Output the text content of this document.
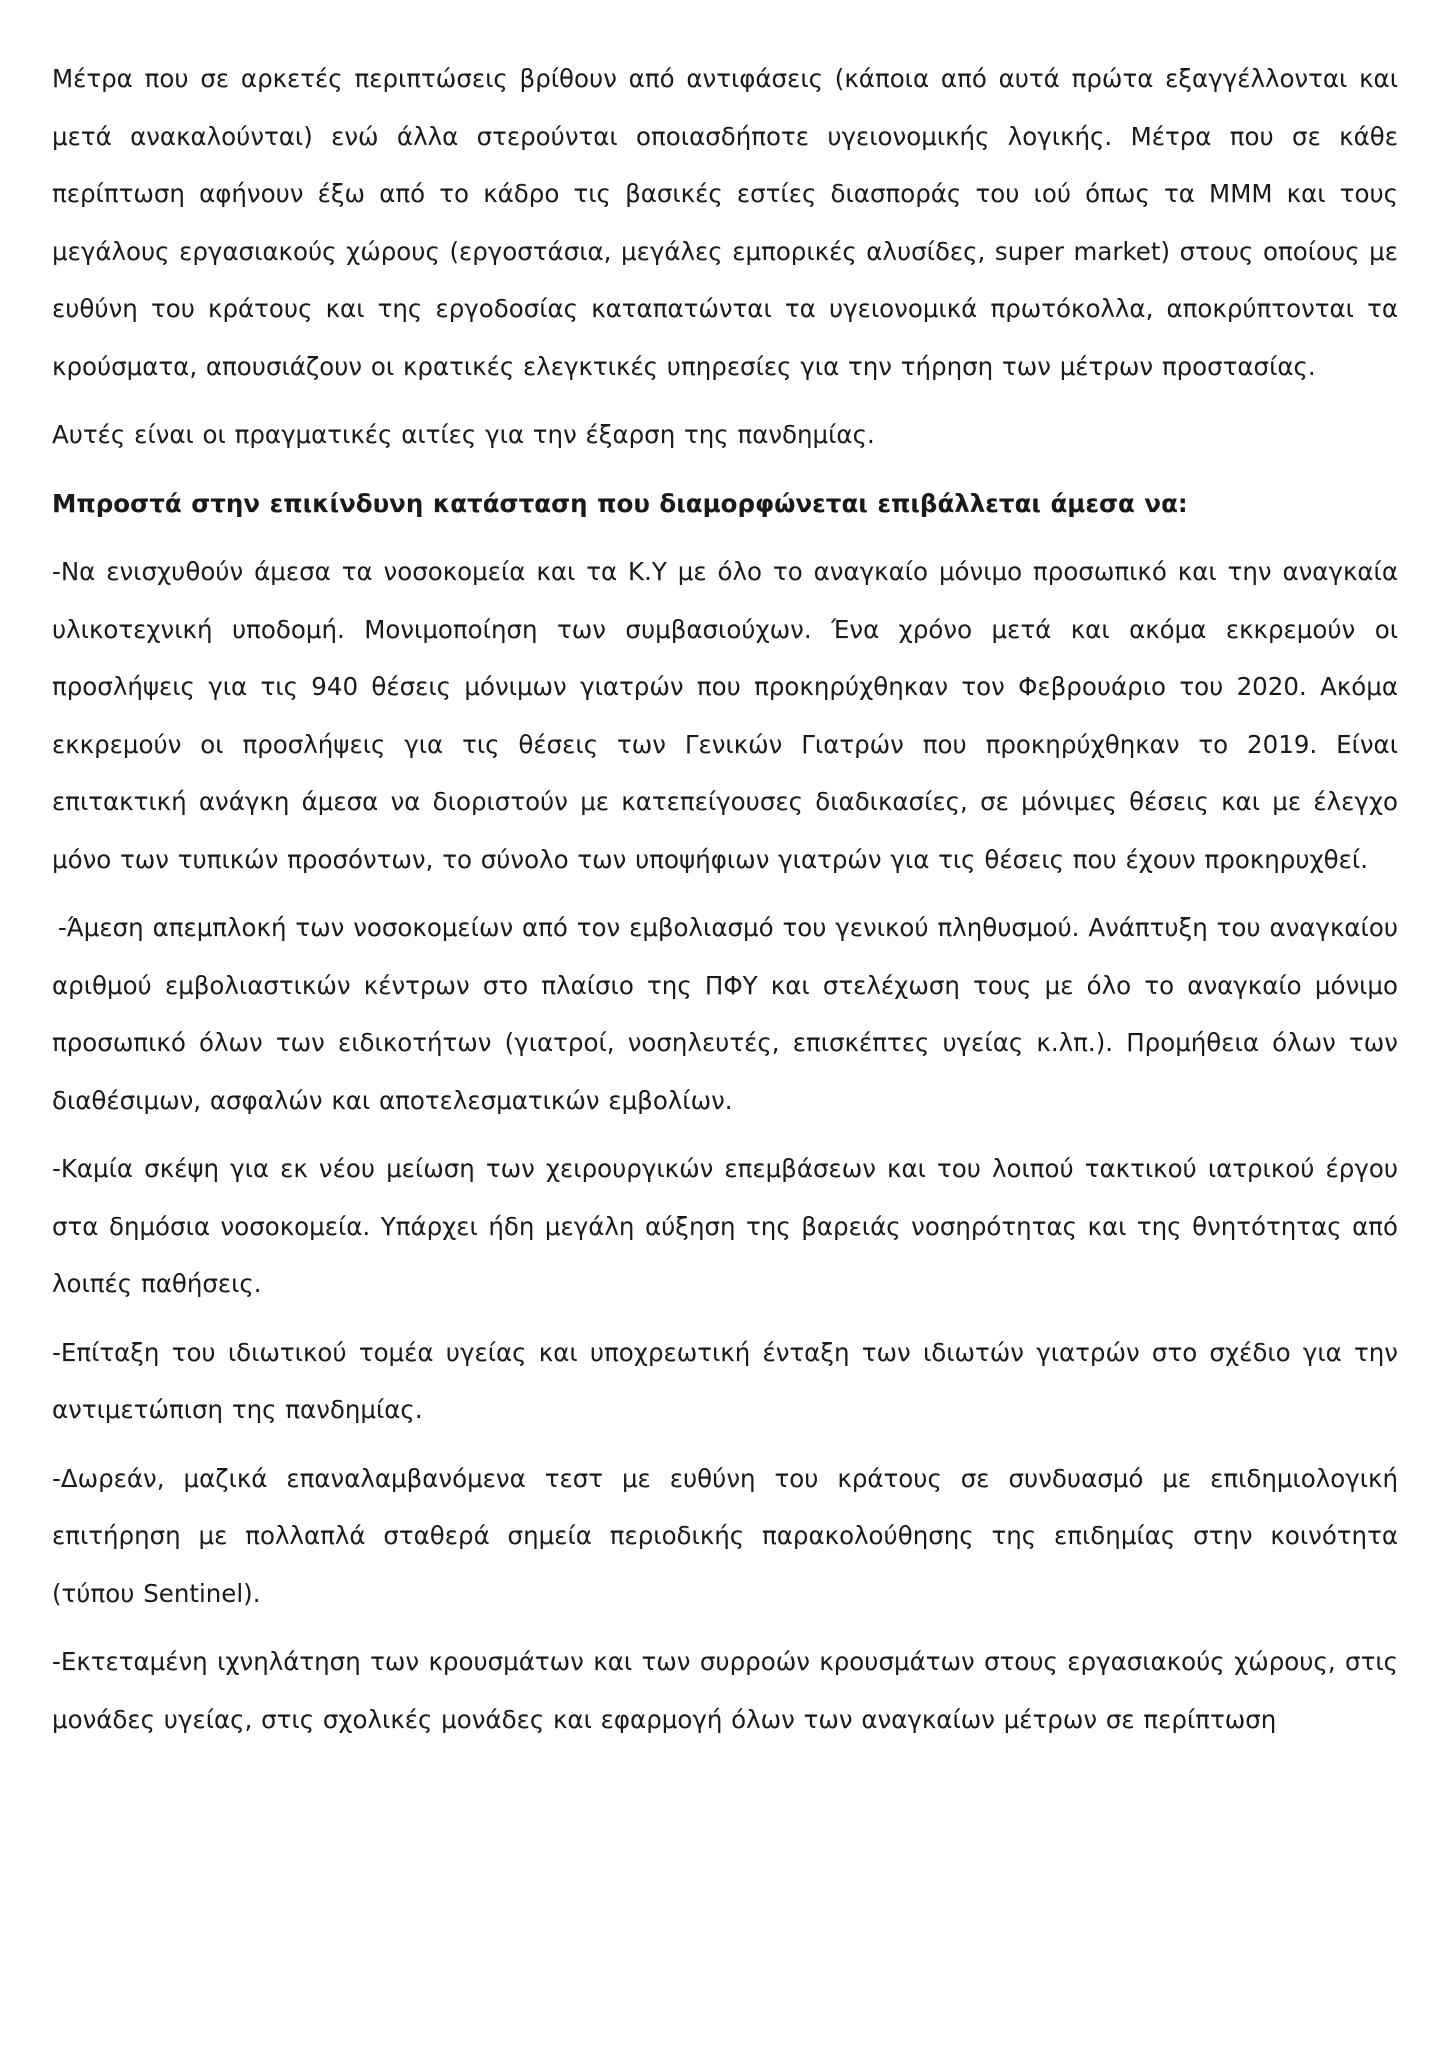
Μέτρα που σε αρκετές περιπτώσεις βρίθουν από αντιφάσεις (κάποια από αυτά πρώτα εξαγγέλλονται και μετά ανακαλούνται) ενώ άλλα στερούνται οποιασδήποτε υγειονομικής λογικής. Μέτρα που σε κάθε περίπτωση αφήνουν έξω από το κάδρο τις βασικές εστίες διασποράς του ιού όπως τα ΜΜΜ και τους μεγάλους εργασιακούς χώρους (εργοστάσια, μεγάλες εμπορικές αλυσίδες, super market) στους οποίους με ευθύνη του κράτους και της εργοδοσίας καταπατώνται τα υγειονομικά πρωτόκολλα, αποκρύπτονται τα κρούσματα, απουσιάζουν οι κρατικές ελεγκτικές υπηρεσίες για την τήρηση των μέτρων προστασίας.

Αυτές είναι οι πραγματικές αιτίες για την έξαρση της πανδημίας.

Μπροστά στην επικίνδυνη κατάσταση που διαμορφώνεται επιβάλλεται άμεσα να:

-Να ενισχυθούν άμεσα τα νοσοκομεία και τα Κ.Υ με όλο το αναγκαίο μόνιμο προσωπικό και την αναγκαία υλικοτεχνική υποδομή. Μονιμοποίηση των συμβασιούχων. Ένα χρόνο μετά και ακόμα εκκρεμούν οι προσλήψεις για τις 940 θέσεις μόνιμων γιατρών που προκηρύχθηκαν τον Φεβρουάριο του 2020. Ακόμα εκκρεμούν οι προσλήψεις για τις θέσεις των Γενικών Γιατρών που προκηρύχθηκαν το 2019. Είναι επιτακτική ανάγκη άμεσα να διοριστούν με κατεπείγουσες διαδικασίες, σε μόνιμες θέσεις και με έλεγχο μόνο των τυπικών προσόντων, το σύνολο των υποψήφιων γιατρών για τις θέσεις που έχουν προκηρυχθεί.

-Άμεση απεμπλοκή των νοσοκομείων από τον εμβολιασμό του γενικού πληθυσμού. Ανάπτυξη του αναγκαίου αριθμού εμβολιαστικών κέντρων στο πλαίσιο της ΠΦΥ και στελέχωση τους με όλο το αναγκαίο μόνιμο προσωπικό όλων των ειδικοτήτων (γιατροί, νοσηλευτές, επισκέπτες υγείας κ.λπ.). Προμήθεια όλων των διαθέσιμων, ασφαλών και αποτελεσματικών εμβολίων.

-Καμία σκέψη για εκ νέου μείωση των χειρουργικών επεμβάσεων και του λοιπού τακτικού ιατρικού έργου στα δημόσια νοσοκομεία. Υπάρχει ήδη μεγάλη αύξηση της βαρειάς νοσηρότητας και της θνητότητας από λοιπές παθήσεις.

-Επίταξη του ιδιωτικού τομέα υγείας και υποχρεωτική ένταξη των ιδιωτών γιατρών στο σχέδιο για την αντιμετώπιση της πανδημίας.

-Δωρεάν, μαζικά επαναλαμβανόμενα τεστ με ευθύνη του κράτους σε συνδυασμό με επιδημιολογική επιτήρηση με πολλαπλά σταθερά σημεία περιοδικής παρακολούθησης της επιδημίας στην κοινότητα (τύπου Sentinel).

-Εκτεταμένη ιχνηλάτηση των κρουσμάτων και των συρροών κρουσμάτων στους εργασιακούς χώρους, στις μονάδες υγείας, στις σχολικές μονάδες και εφαρμογή όλων των αναγκαίων μέτρων σε περίπτωση
